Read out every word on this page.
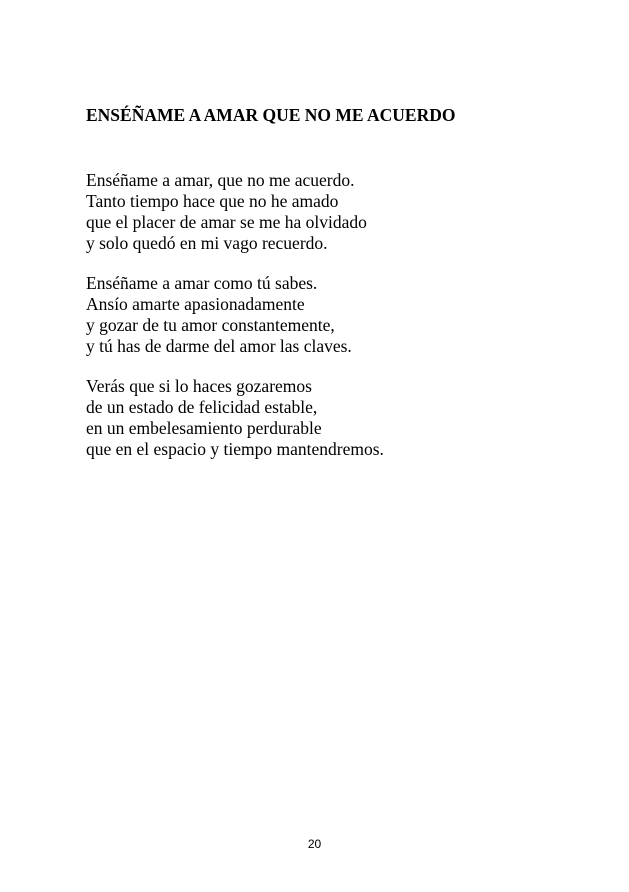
ENSÉÑAME A AMAR QUE NO ME ACUERDO

Enséñame a amar, que no me acuerdo.
Tanto tiempo hace que no he amado
que el placer de amar se me ha olvidado
y solo quedó en mi vago recuerdo.

Enséñame a amar como tú sabes.
Ansío amarte apasionadamente
y gozar de tu amor constantemente,
y tú has de darme del amor las claves.

Verás que si lo haces gozaremos
de un estado de felicidad estable,
en un embelesamiento perdurable
que en el espacio y tiempo mantendremos.

20
